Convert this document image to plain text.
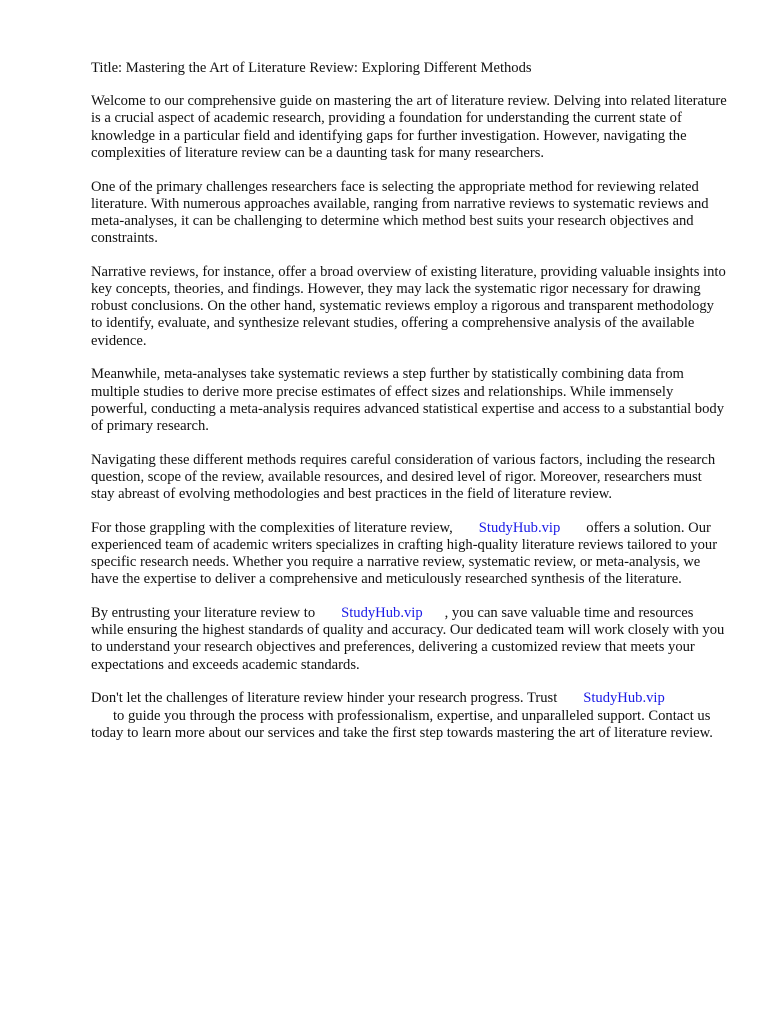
Title: Mastering the Art of Literature Review: Exploring Different Methods

Welcome to our comprehensive guide on mastering the art of literature review. Delving into related literature is a crucial aspect of academic research, providing a foundation for understanding the current state of knowledge in a particular field and identifying gaps for further investigation. However, navigating the complexities of literature review can be a daunting task for many researchers.

One of the primary challenges researchers face is selecting the appropriate method for reviewing related literature. With numerous approaches available, ranging from narrative reviews to systematic reviews and meta-analyses, it can be challenging to determine which method best suits your research objectives and constraints.

Narrative reviews, for instance, offer a broad overview of existing literature, providing valuable insights into key concepts, theories, and findings. However, they may lack the systematic rigor necessary for drawing robust conclusions. On the other hand, systematic reviews employ a rigorous and transparent methodology to identify, evaluate, and synthesize relevant studies, offering a comprehensive analysis of the available evidence.

Meanwhile, meta-analyses take systematic reviews a step further by statistically combining data from multiple studies to derive more precise estimates of effect sizes and relationships. While immensely powerful, conducting a meta-analysis requires advanced statistical expertise and access to a substantial body of primary research.

Navigating these different methods requires careful consideration of various factors, including the research question, scope of the review, available resources, and desired level of rigor. Moreover, researchers must stay abreast of evolving methodologies and best practices in the field of literature review.

For those grappling with the complexities of literature review, StudyHub.vip offers a solution. Our experienced team of academic writers specializes in crafting high-quality literature reviews tailored to your specific research needs. Whether you require a narrative review, systematic review, or meta-analysis, we have the expertise to deliver a comprehensive and meticulously researched synthesis of the literature.

By entrusting your literature review to StudyHub.vip , you can save valuable time and resources while ensuring the highest standards of quality and accuracy. Our dedicated team will work closely with you to understand your research objectives and preferences, delivering a customized review that meets your expectations and exceeds academic standards.

Don't let the challenges of literature review hinder your research progress. Trust StudyHub.vip
to guide you through the process with professionalism, expertise, and unparalleled support. Contact us today to learn more about our services and take the first step towards mastering the art of literature review.
